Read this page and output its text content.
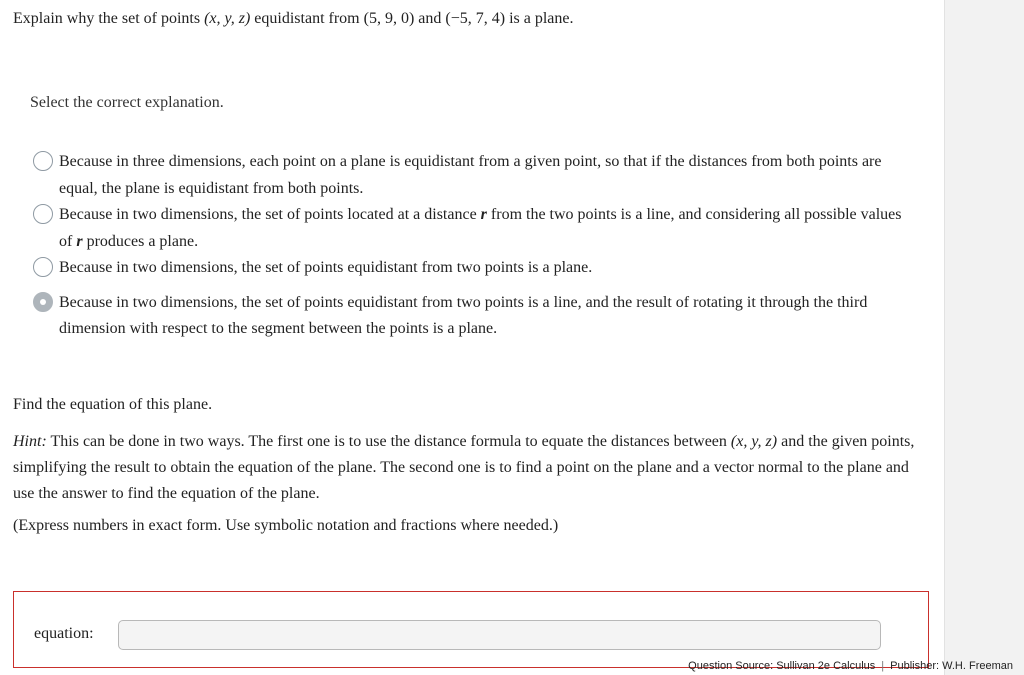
Explain why the set of points (x, y, z) equidistant from (5, 9, 0) and (−5, 7, 4) is a plane.
Select the correct explanation.
Because in three dimensions, each point on a plane is equidistant from a given point, so that if the distances from both points are equal, the plane is equidistant from both points.
Because in two dimensions, the set of points located at a distance r from the two points is a line, and considering all possible values of r produces a plane.
Because in two dimensions, the set of points equidistant from two points is a plane.
Because in two dimensions, the set of points equidistant from two points is a line, and the result of rotating it through the third dimension with respect to the segment between the points is a plane.
Find the equation of this plane.
Hint: This can be done in two ways. The first one is to use the distance formula to equate the distances between (x, y, z) and the given points, simplifying the result to obtain the equation of the plane. The second one is to find a point on the plane and a vector normal to the plane and use the answer to find the equation of the plane.
(Express numbers in exact form. Use symbolic notation and fractions where needed.)
equation:
Question Source: Sullivan 2e Calculus | Publisher: W.H. Freeman
